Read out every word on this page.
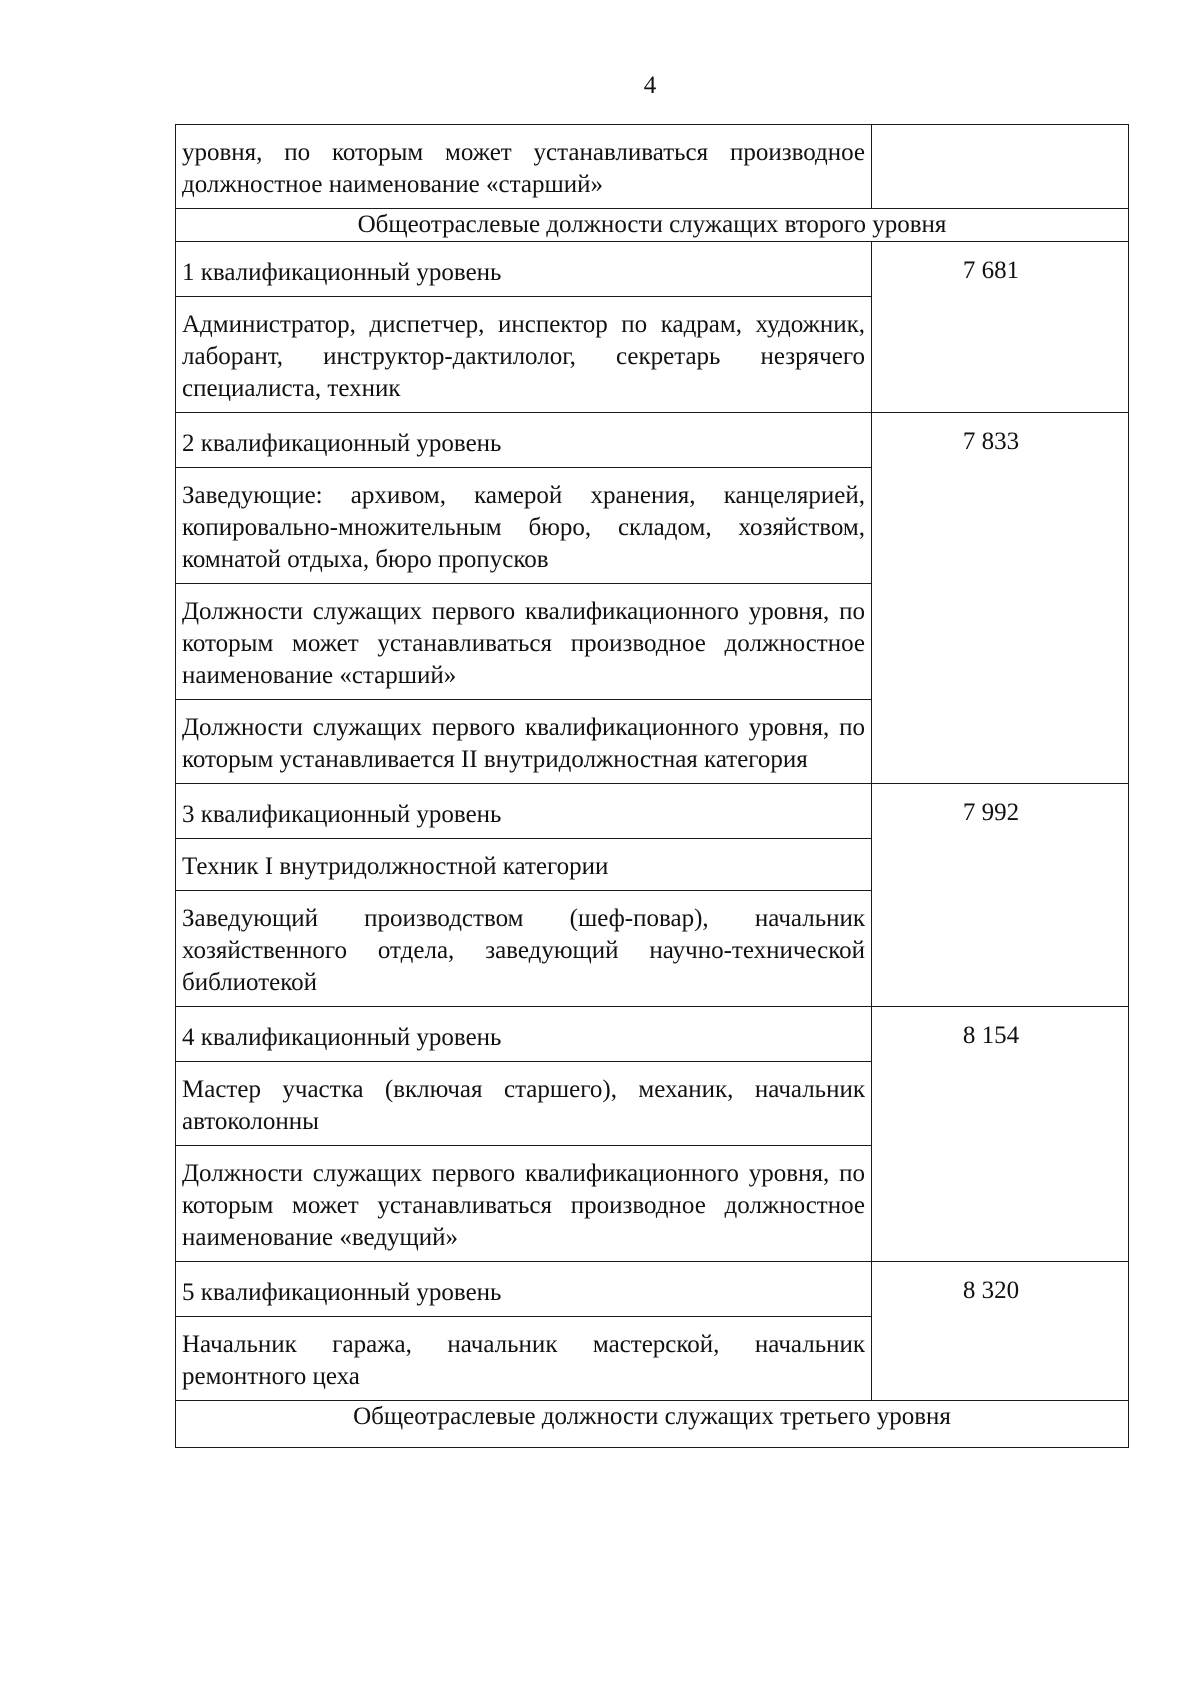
4
уровня, по которым может устанавливаться производное должностное наименование «старший»	

Общеотраслевые должности служащих второго уровня	

1 квалификационный уровень	7 681

Администратор, диспетчер, инспектор по кадрам, художник, лаборант, инструктор-дактилолог, секретарь незрячего специалиста, техник	

2 квалификационный уровень	7 833

Заведующие: архивом, камерой хранения, канцелярией, копировально-множительным бюро, складом, хозяйством, комнатой отдыха, бюро пропусков	

Должности служащих первого квалификационного уровня, по которым может устанавливаться производное должностное наименование «старший»	

Должности служащих первого квалификационного уровня, по которым устанавливается II внутридолжностная категория	

3 квалификационный уровень	7 992

Техник I внутридолжностной категории	

Заведующий производством (шеф-повар), начальник хозяйственного отдела, заведующий научно-технической библиотекой	

4 квалификационный уровень	8 154

Мастер участка (включая старшего), механик, начальник автоколонны	

Должности служащих первого квалификационного уровня, по которым может устанавливаться производное должностное наименование «ведущий»	

5 квалификационный уровень	8 320

Начальник гаража, начальник мастерской, начальник ремонтного цеха	

Общеотраслевые должности служащих третьего уровня	
